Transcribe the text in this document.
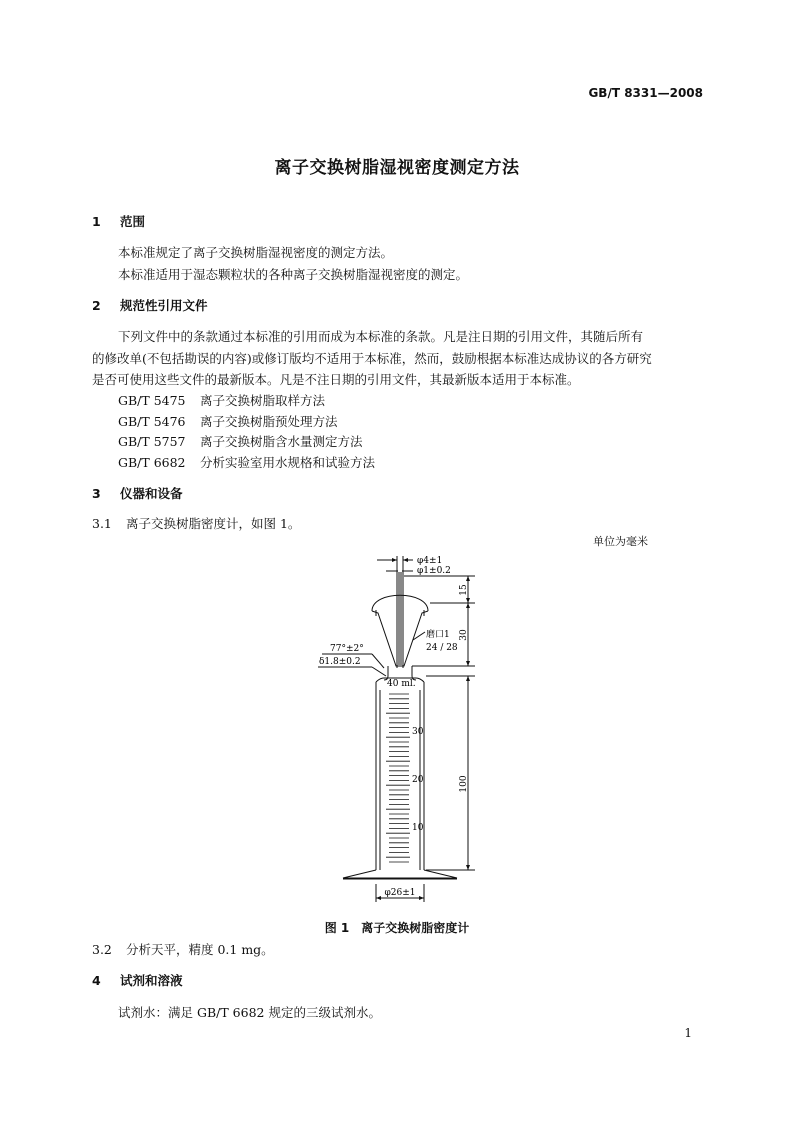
GB/T 8331—2008
离子交换树脂湿视密度测定方法
1 范围
本标准规定了离子交换树脂湿视密度的测定方法。
本标准适用于湿态颗粒状的各种离子交换树脂湿视密度的测定。
2 规范性引用文件
下列文件中的条款通过本标准的引用而成为本标准的条款。凡是注日期的引用文件，其随后所有
的修改单(不包括勘误的内容)或修订版均不适用于本标准，然而，鼓励根据本标准达成协议的各方研究
是否可使用这些文件的最新版本。凡是不注日期的引用文件，其最新版本适用于本标准。
GB/T 5475 离子交换树脂取样方法
GB/T 5476 离子交换树脂预处理方法
GB/T 5757 离子交换树脂含水量测定方法
GB/T 6682 分析实验室用水规格和试验方法
3 仪器和设备
3.1 离子交换树脂密度计，如图 1。
单位为毫米
φ4±1
φ1±0.2
15
30
磨口1
24 / 28
77°±2°
δ1.8±0.2
40 ml.
30
20
10
100
φ26±1
图 1　离子交换树脂密度计
3.2 分析天平，精度 0.1 mg。
4 试剂和溶液
试剂水：满足 GB/T 6682 规定的三级试剂水。
1
